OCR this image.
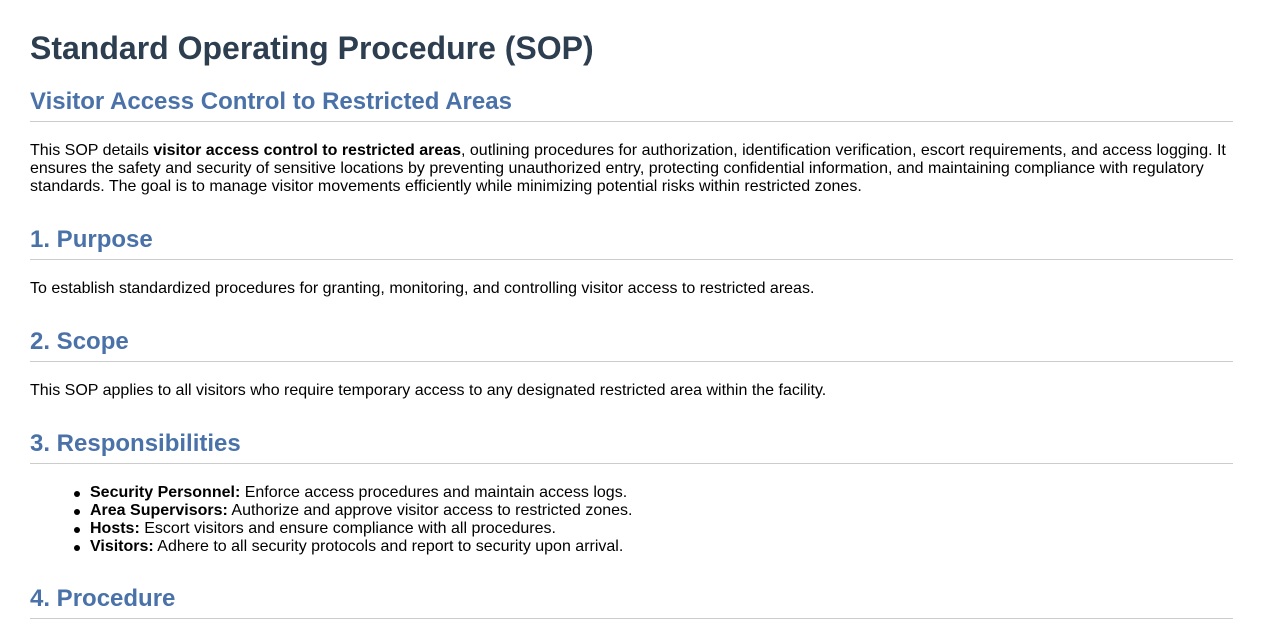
Standard Operating Procedure (SOP)
Visitor Access Control to Restricted Areas

This SOP details visitor access control to restricted areas, outlining procedures for authorization, identification verification, escort requirements, and access logging. It ensures the safety and security of sensitive locations by preventing unauthorized entry, protecting confidential information, and maintaining compliance with regulatory standards. The goal is to manage visitor movements efficiently while minimizing potential risks within restricted zones.

1. Purpose

To establish standardized procedures for granting, monitoring, and controlling visitor access to restricted areas.

2. Scope

This SOP applies to all visitors who require temporary access to any designated restricted area within the facility.

3. Responsibilities
Security Personnel: Enforce access procedures and maintain access logs.
Area Supervisors: Authorize and approve visitor access to restricted zones.
Hosts: Escort visitors and ensure compliance with all procedures.
Visitors: Adhere to all security protocols and report to security upon arrival.
4. Procedure
